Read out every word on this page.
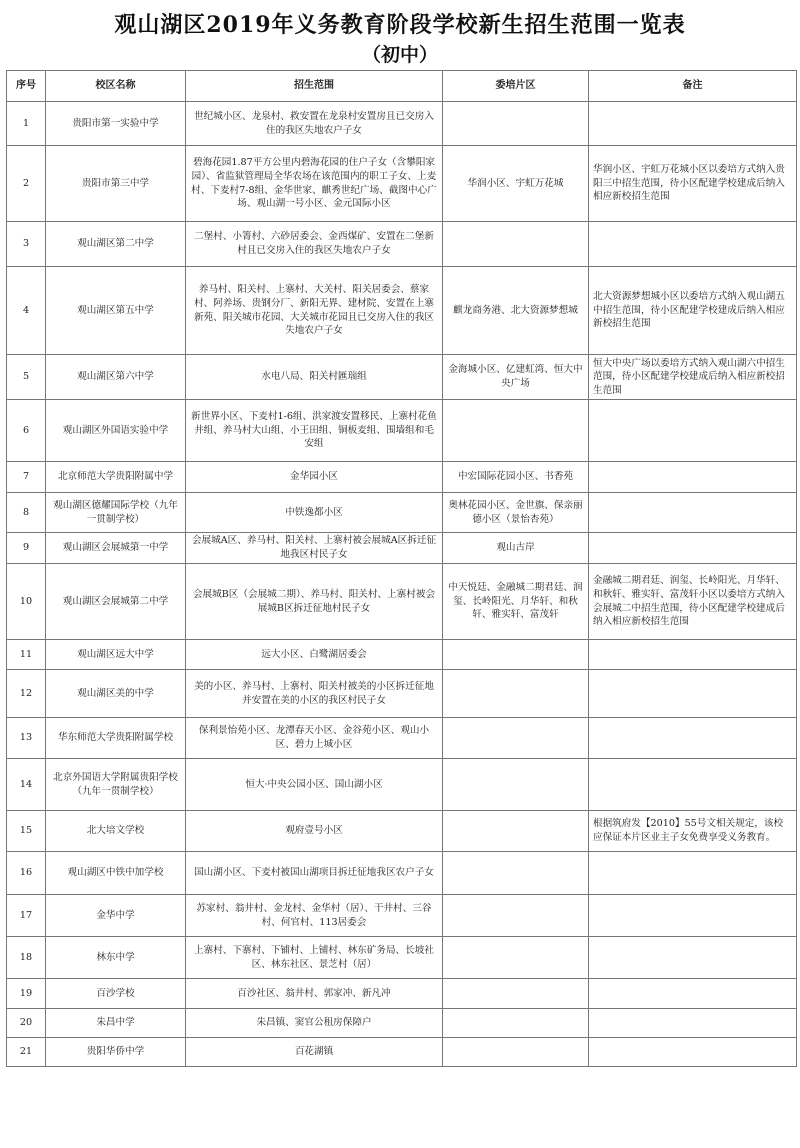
观山湖区2019年义务教育阶段学校新生招生范围一览表
（初中）
序号	校区名称	招生范围	委培片区	备注
1	贵阳市第一实验中学	世纪城小区、龙泉村、救安置在龙泉村安置房且已交房入住的我区失地农户子女		
2	贵阳市第三中学	碧海花园1.87平方公里内碧海花园的住户子女（含攀阳家园）、省监狱管理局全华农场在该范围内的职工子女、上麦村、下麦村7-8组、金华世家、麒秀世纪广场、截图中心广场、观山湖一号小区、金元国际小区	华润小区、宇虹万花城	华润小区、宇虹万花城小区以委培方式纳入贵阳三中招生范围，待小区配建学校建成后纳入相应新校招生范围
3	观山湖区第二中学	二堡村、小箐村、六砂居委会、金西煤矿、安置在二堡新村且已交房入住的我区失地农户子女		
4	观山湖区第五中学	养马村、阳关村、上寨村、大关村、阳关居委会、蔡家村、阿养场、贵钢分厂、新阳无界、建材院、安置在上寨新苑、阳关城市花园、大关城市花园且已交房入住的我区失地农户子女	麒龙商务港、北大资源梦想城	北大资源梦想城小区以委培方式纳入观山湖五中招生范围，待小区配建学校建成后纳入相应新校招生范围
5	观山湖区第六中学	水电八局、阳关村匯瑞组	金海城小区、亿建虹湾、恒大中央广场	恒大中央广场以委培方式纳入观山湖六中招生范围，待小区配建学校建成后纳入相应新校招生范围
6	观山湖区外国语实验中学	新世界小区、下麦村1-6组、洪家渡安置移民、上寨村花鱼井组、养马村大山组、小王田组、铜板麦组、围墙组和毛安组		
7	北京师范大学贵阳附属中学	金华园小区	中宏国际花园小区、书香苑	
8	观山湖区德耀国际学校（九年一贯制学校）	中铁逸都小区	奥林花园小区、金世旗、保亲丽德小区（景怡杏苑）	
9	观山湖区会展城第一中学	会展城A区、养马村、阳关村、上寨村被会展城A区拆迁征地我区村民子女	观山古岸	
10	观山湖区会展城第二中学	会展城B区（会展城二期）、养马村、阳关村、上寨村被会展城B区拆迁征地村民子女	中天悦廷、金融城二期君廷、润玺、长岭阳光、月华轩、和秋轩、雅实轩、富茂轩	金融城二期君廷、润玺、长岭阳光、月华轩、和秋轩、雅实轩、富茂轩小区以委培方式纳入会展城二中招生范围，待小区配建学校建成后纳入相应新校招生范围
11	观山湖区远大中学	远大小区、白鹭湖居委会		
12	观山湖区美的中学	美的小区、养马村、上寨村、阳关村被美的小区拆迁征地并安置在美的小区的我区村民子女		
13	华东师范大学贵阳附属学校	保利景怡苑小区、龙潭春天小区、金谷苑小区、观山小区、碧力上城小区		
14	北京外国语大学附属贵阳学校（九年一贯制学校）	恒大·中央公园小区、国山湖小区		
15	北大培文学校	观府壹号小区		根据筑府发【2010】55号文相关规定，该校应保证本片区业主子女免费享受义务教育。
16	观山湖区中铁中加学校	国山湖小区、下麦村被国山湖项目拆迁征地我区农户子女		
17	金华中学	苏家村、翁井村、金龙村、金华村（居）、干井村、三谷村、何官村、113居委会		
18	林东中学	上寨村、下寨村、下铺村、上铺村、林东矿务局、长坡社区、林东社区、景芝村（居）		
19	百沙学校	百沙社区、翁井村、郭家冲、新凡冲		
20	朱昌中学	朱昌镇、窦官公租房保障户		
21	贵阳华侨中学	百花湖镇		
